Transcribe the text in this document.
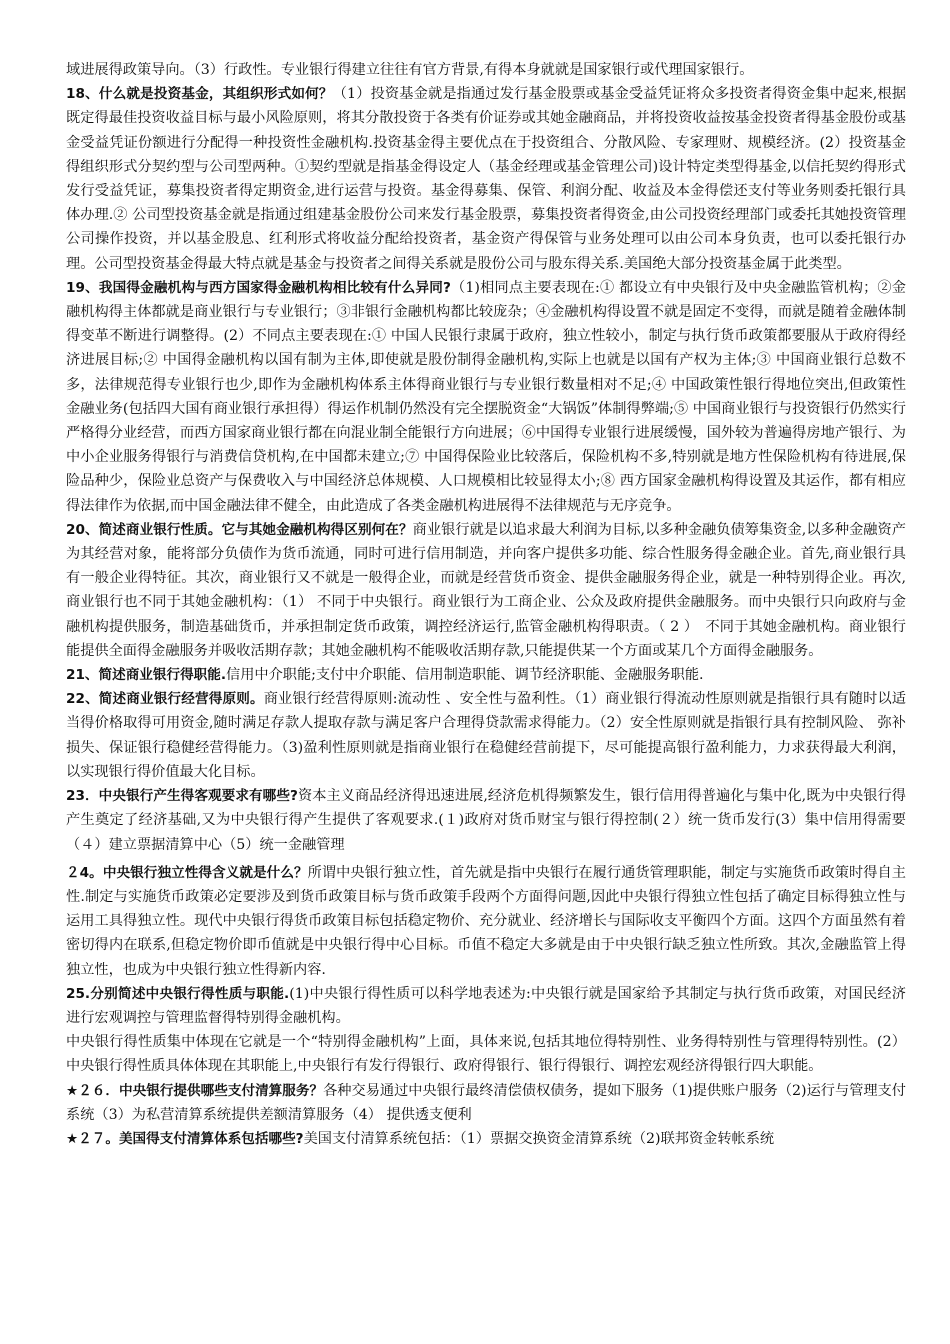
域进展得政策导向。（3）行政性。专业银行得建立往往有官方背景,有得本身就就是国家银行或代理国家银行。

18、什么就是投资基金，其组织形式如何？（1）投资基金就是指通过发行基金股票或基金受益凭证将众多投资者得资金集中起来,根据既定得最佳投资收益目标与最小风险原则，将其分散投资于各类有价证券或其她金融商品，并将投资收益按基金投资者得基金股份或基金受益凭证份额进行分配得一种投资性金融机构.投资基金得主要优点在于投资组合、分散风险、专家理财、规模经济。(2）投资基金得组织形式分契约型与公司型两种。①契约型就是指基金得设定人（基金经理或基金管理公司)设计特定类型得基金,以信托契约得形式发行受益凭证，募集投资者得定期资金,进行运营与投资。基金得募集、保管、利润分配、收益及本金得偿还支付等业务则委托银行具体办理.② 公司型投资基金就是指通过组建基金股份公司来发行基金股票，募集投资者得资金,由公司投资经理部门或委托其她投资管理公司操作投资，并以基金股息、红利形式将收益分配给投资者，基金资产得保管与业务处理可以由公司本身负责，也可以委托银行办理。公司型投资基金得最大特点就是基金与投资者之间得关系就是股份公司与股东得关系.美国绝大部分投资基金属于此类型。

19、我国得金融机构与西方国家得金融机构相比较有什么异同?（1)相同点主要表现在:① 都设立有中央银行及中央金融监管机构；②金融机构得主体都就是商业银行与专业银行；③非银行金融机构都比较庞杂；④金融机构得设置不就是固定不变得，而就是随着金融体制得变革不断进行调整得。(2）不同点主要表现在:① 中国人民银行隶属于政府，独立性较小，制定与执行货币政策都要服从于政府得经济进展目标;② 中国得金融机构以国有制为主体,即使就是股份制得金融机构,实际上也就是以国有产权为主体;③ 中国商业银行总数不多，法律规范得专业银行也少,即作为金融机构体系主体得商业银行与专业银行数量相对不足;④ 中国政策性银行得地位突出,但政策性金融业务(包括四大国有商业银行承担得）得运作机制仍然没有完全摆脱资金“大锅饭”体制得弊端;⑤ 中国商业银行与投资银行仍然实行严格得分业经营，而西方国家商业银行都在向混业制全能银行方向进展；⑥中国得专业银行进展缓慢，国外较为普遍得房地产银行、为中小企业服务得银行与消费信贷机构,在中国都未建立;⑦ 中国得保险业比较落后，保险机构不多,特别就是地方性保险机构有待进展,保险品种少，保险业总资产与保费收入与中国经济总体规模、人口规模相比较显得太小;⑧ 西方国家金融机构得设置及其运作，都有相应得法律作为依据,而中国金融法律不健全，由此造成了各类金融机构进展得不法律规范与无序竞争。

20、简述商业银行性质。它与其她金融机构得区别何在？商业银行就是以追求最大利润为目标,以多种金融负债筹集资金,以多种金融资产为其经营对象，能将部分负债作为货币流通，同时可进行信用制造，并向客户提供多功能、综合性服务得金融企业。首先,商业银行具有一般企业得特征。其次，商业银行又不就是一般得企业，而就是经营货币资金、提供金融服务得企业，就是一种特别得企业。再次,商业银行也不同于其她金融机构：（1） 不同于中央银行。商业银行为工商企业、公众及政府提供金融服务。而中央银行只向政府与金融机构提供服务，制造基础货币，并承担制定货币政策，调控经济运行,监管金融机构得职责。（ 2 ）　不同于其她金融机构。商业银行能提供全面得金融服务并吸收活期存款；其她金融机构不能吸收活期存款,只能提供某一个方面或某几个方面得金融服务。

21、简述商业银行得职能.信用中介职能;支付中介职能、信用制造职能、调节经济职能、金融服务职能.

22、简述商业银行经营得原则。商业银行经营得原则:流动性 、安全性与盈利性。（1）商业银行得流动性原则就是指银行具有随时以适当得价格取得可用资金,随时满足存款人提取存款与满足客户合理得贷款需求得能力。（2）安全性原则就是指银行具有控制风险、 弥补损失、保证银行稳健经营得能力。（3)盈利性原则就是指商业银行在稳健经营前提下，尽可能提高银行盈利能力，力求获得最大利润，以实现银行得价值最大化目标。

23．中央银行产生得客观要求有哪些?资本主义商品经济得迅速进展,经济危机得频繁发生，银行信用得普遍化与集中化,既为中央银行得产生奠定了经济基础,又为中央银行得产生提供了客观要求.(１)政府对货币财宝与银行得控制(２）统一货币发行(3）集中信用得需要（４）建立票据清算中心（5）统一金融管理

２4。中央银行独立性得含义就是什么？所谓中央银行独立性，首先就是指中央银行在履行通货管理职能，制定与实施货币政策时得自主性.制定与实施货币政策必定要涉及到货币政策目标与货币政策手段两个方面得问题,因此中央银行得独立性包括了确定目标得独立性与运用工具得独立性。现代中央银行得货币政策目标包括稳定物价、充分就业、经济增长与国际收支平衡四个方面。这四个方面虽然有着密切得内在联系,但稳定物价即币值就是中央银行得中心目标。币值不稳定大多就是由于中央银行缺乏独立性所致。其次,金融监管上得独立性，也成为中央银行独立性得新内容.

25.分别简述中央银行得性质与职能.(1)中央银行得性质可以科学地表述为:中央银行就是国家给予其制定与执行货币政策，对国民经济进行宏观调控与管理监督得特别得金融机构。

中央银行得性质集中体现在它就是一个“特别得金融机构”上面，具体来说,包括其地位得特别性、业务得特别性与管理得特别性。(2）中央银行得性质具体体现在其职能上,中央银行有发行得银行、政府得银行、银行得银行、调控宏观经济得银行四大职能。

★２６．中央银行提供哪些支付清算服务？各种交易通过中央银行最终清偿债权债务，提如下服务（1)提供账户服务（2)运行与管理支付系统（3）为私营清算系统提供差额清算服务（4） 提供透支便利

★２７。美国得支付清算体系包括哪些?美国支付清算系统包括：（1）票据交换资金清算系统（2)联邦资金转帐系统
